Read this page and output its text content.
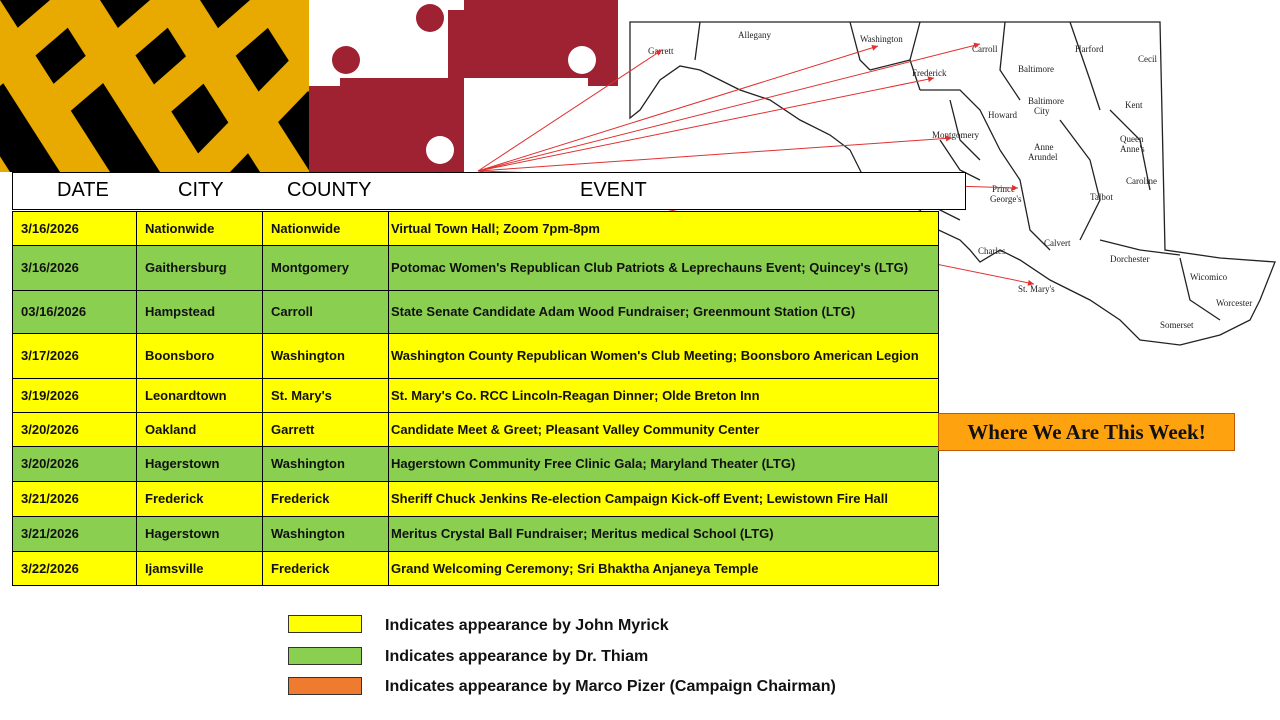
Garrett
Allegany	Washington
Carroll	Harford
Frederick	Baltimore
Baltimore
City
Cecil
Howard
Kent
Montgomery
Anne
Arundel
Queen
Anne's
Caroline
Prince
George's	Talbot
Calvert
Charles
Dorchester
St. Mary's
Wicomico
Worcester
Somerset
DATE	CITY	COUNTY	EVENT
3/16/2026	Nationwide	Nationwide	Virtual Town Hall; Zoom 7pm-8pm
3/16/2026	Gaithersburg	Montgomery	Potomac Women's Republican Club Patriots & Leprechauns Event; Quincey's (LTG)
03/16/2026	Hampstead	Carroll	State Senate Candidate Adam Wood Fundraiser; Greenmount Station (LTG)
3/17/2026	Boonsboro	Washington	Washington County Republican Women's Club Meeting; Boonsboro American Legion
3/19/2026	Leonardtown	St. Mary's	St. Mary's Co. RCC Lincoln-Reagan Dinner; Olde Breton Inn
3/20/2026	Oakland	Garrett	Candidate Meet & Greet; Pleasant Valley Community Center
3/20/2026	Hagerstown	Washington	Hagerstown Community Free Clinic Gala; Maryland Theater (LTG)
3/21/2026	Frederick	Frederick	Sheriff Chuck Jenkins Re-election Campaign Kick-off Event; Lewistown Fire Hall
3/21/2026	Hagerstown	Washington	Meritus Crystal Ball Fundraiser; Meritus medical School (LTG)
3/22/2026	Ijamsville	Frederick	Grand Welcoming Ceremony; Sri Bhaktha Anjaneya Temple
Where We Are This Week!
Indicates appearance by John Myrick
Indicates appearance by Dr. Thiam
Indicates appearance by Marco Pizer (Campaign Chairman)
